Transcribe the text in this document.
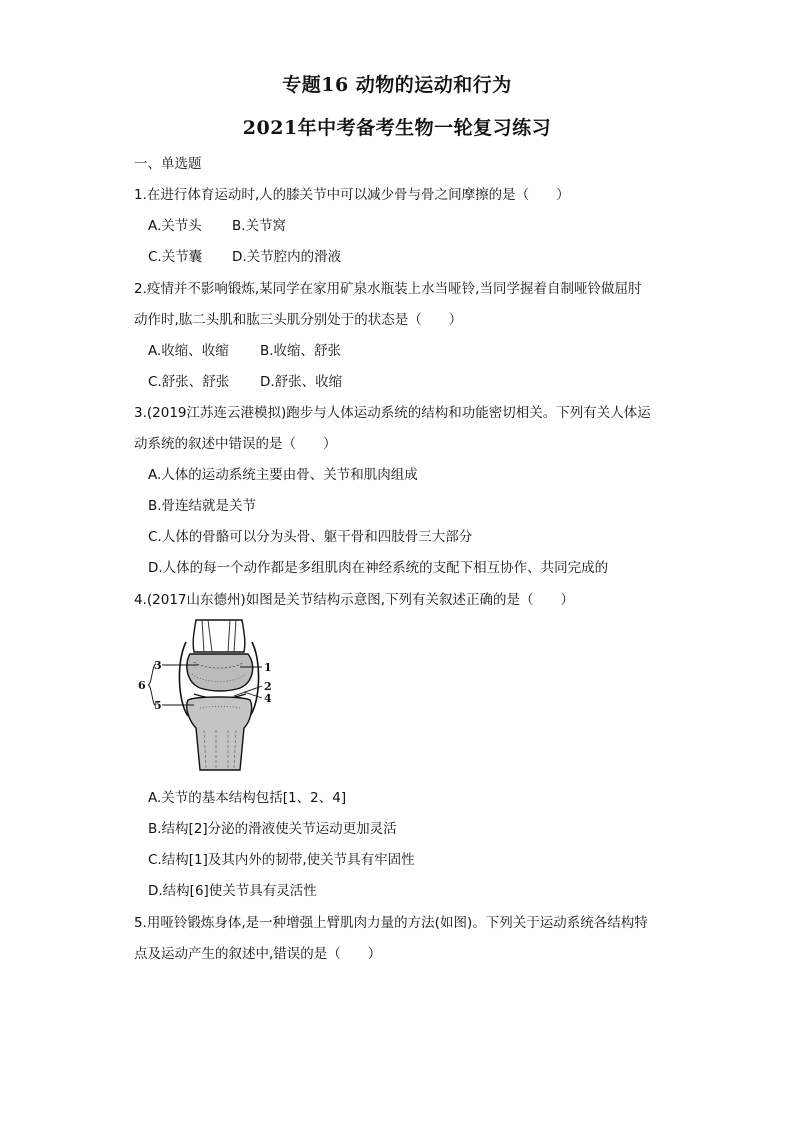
专题16 动物的运动和行为
2021年中考备考生物一轮复习练习
一、单选题
1.在进行体育运动时,人的膝关节中可以减少骨与骨之间摩擦的是（　　）
A.关节头 B.关节窝
C.关节囊 D.关节腔内的滑液
2.疫情并不影响锻炼,某同学在家用矿泉水瓶装上水当哑铃,当同学握着自制哑铃做屈肘
动作时,肱二头肌和肱三头肌分别处于的状态是（　　）
A.收缩、收缩 B.收缩、舒张
C.舒张、舒张 D.舒张、收缩
3.(2019江苏连云港模拟)跑步与人体运动系统的结构和功能密切相关。下列有关人体运
动系统的叙述中错误的是（　　）
A.人体的运动系统主要由骨、关节和肌肉组成
B.骨连结就是关节
C.人体的骨骼可以分为头骨、躯干骨和四肢骨三大部分
D.人体的每一个动作都是多组肌肉在神经系统的支配下相互协作、共同完成的
4.(2017山东德州)如图是关节结构示意图,下列有关叙述正确的是（　　）
3	1
2
4
5
6
A.关节的基本结构包括[1、2、4]
B.结构[2]分泌的滑液使关节运动更加灵活
C.结构[1]及其内外的韧带,使关节具有牢固性
D.结构[6]使关节具有灵活性
5.用哑铃锻炼身体,是一种增强上臂肌肉力量的方法(如图)。下列关于运动系统各结构特
点及运动产生的叙述中,错误的是（　　）
